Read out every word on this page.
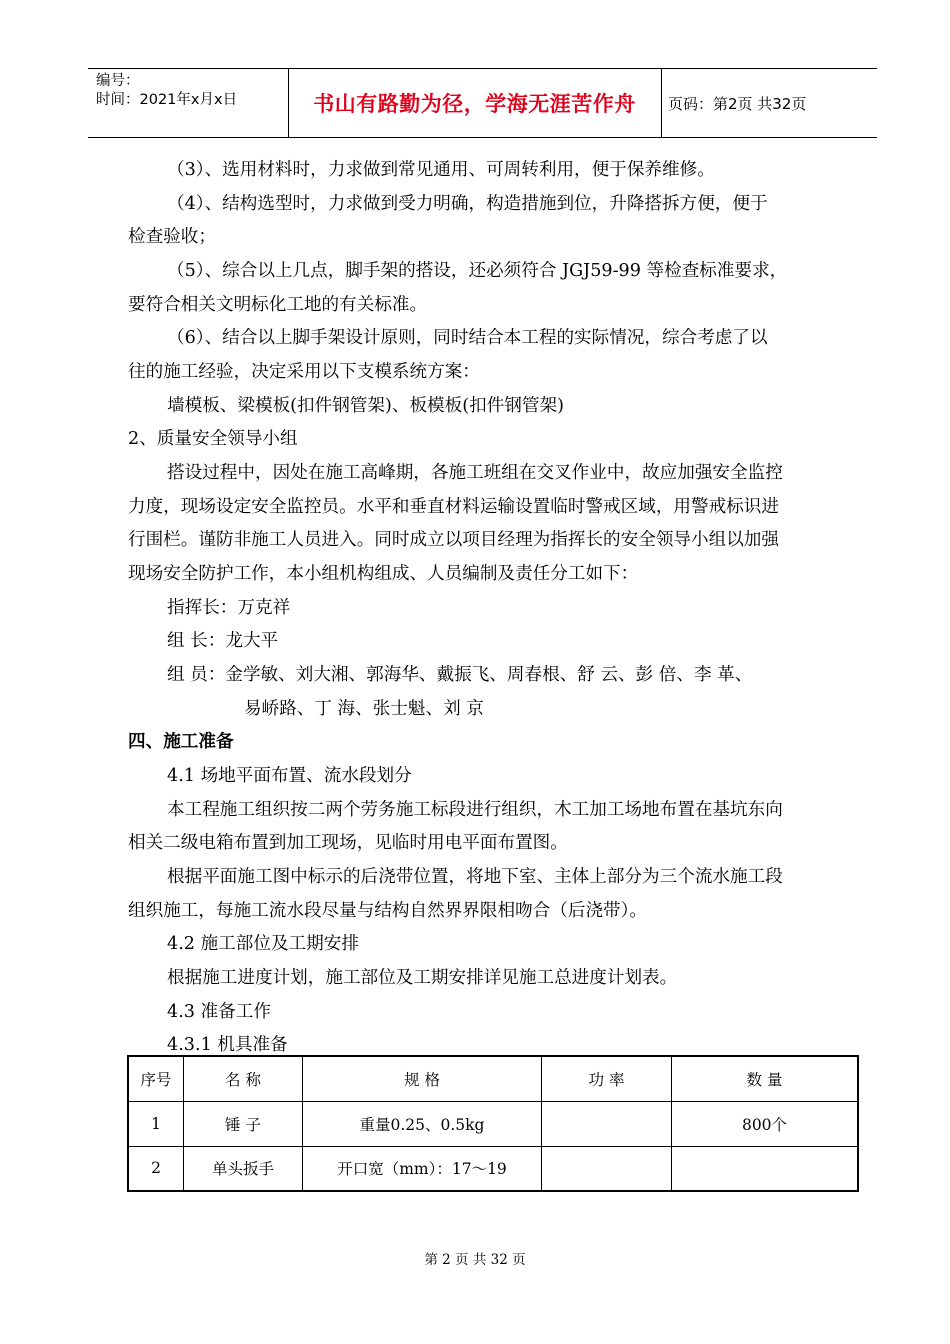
编号：
时间：2021年x月x日	书山有路勤为径，学海无涯苦作舟	页码：第2页 共32页
（3）、选用材料时，力求做到常见通用、可周转利用，便于保养维修。
（4）、结构选型时，力求做到受力明确，构造措施到位，升降搭拆方便，便于
检查验收；
（5）、综合以上几点，脚手架的搭设，还必须符合 JGJ59-99 等检查标准要求，
要符合相关文明标化工地的有关标准。
（6）、结合以上脚手架设计原则，同时结合本工程的实际情况，综合考虑了以
往的施工经验，决定采用以下支模系统方案：
墙模板、梁模板(扣件钢管架)、板模板(扣件钢管架)
2、质量安全领导小组
搭设过程中，因处在施工高峰期，各施工班组在交叉作业中，故应加强安全监控
力度，现场设定安全监控员。水平和垂直材料运输设置临时警戒区域，用警戒标识进
行围栏。谨防非施工人员进入。同时成立以项目经理为指挥长的安全领导小组以加强
现场安全防护工作，本小组机构组成、人员编制及责任分工如下：
指挥长：万克祥
组 长：龙大平
组 员：金学敏、刘大湘、郭海华、戴振飞、周春根、舒 云、彭 倍、李 革、
易峤路、丁 海、张士魁、刘 京
四、施工准备
4.1 场地平面布置、流水段划分
本工程施工组织按二两个劳务施工标段进行组织，木工加工场地布置在基坑东向
相关二级电箱布置到加工现场，见临时用电平面布置图。
根据平面施工图中标示的后浇带位置，将地下室、主体上部分为三个流水施工段
组织施工，每施工流水段尽量与结构自然界界限相吻合（后浇带）。
4.2 施工部位及工期安排
根据施工进度计划，施工部位及工期安排详见施工总进度计划表。
4.3 准备工作
4.3.1 机具准备
序号	名 称	规 格	功 率	数 量
1	锤 子	重量0.25、0.5kg		800个
2	单头扳手	开口宽（mm）：17～19		
第 2 页 共 32 页
